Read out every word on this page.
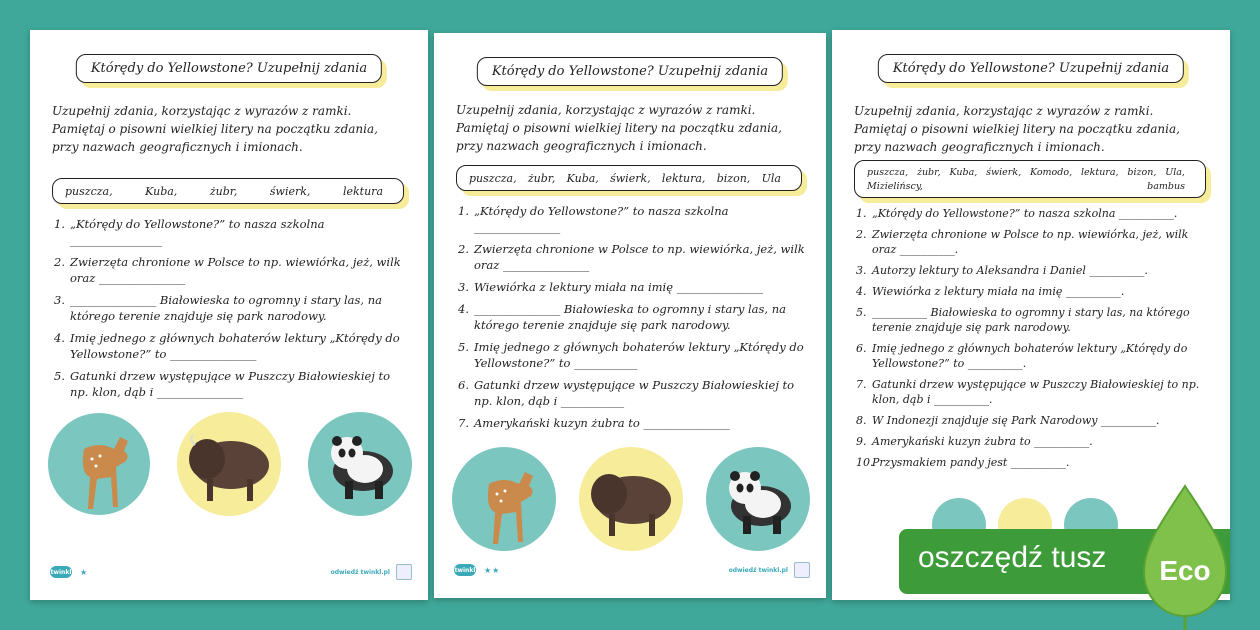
Którędy do Yellowstone? Uzupełnij zdania
Uzupełnij zdania, korzystając z wyrazów z ramki. Pamiętaj o pisowni wielkiej litery na początku zdania, przy nazwach geograficznych i imionach.
puszcza,	Kuba,	żubr,	świerk,	lektura
1. „Którędy do Yellowstone?” to nasza szkolna ________________
2. Zwierzęta chronione w Polsce to np. wiewiórka, jeż, wilk oraz _______________
3. _______________ Białowieska to ogromny i stary las, na którego terenie znajduje się park narodowy.
4. Imię jednego z głównych bohaterów lektury „Którędy do Yellowstone?” to _______________
5. Gatunki drzew występujące w Puszczy Białowieskiej to np. klon, dąb i _______________
twinkl ★	odwiedź twinkl.pl
Którędy do Yellowstone? Uzupełnij zdania
Uzupełnij zdania, korzystając z wyrazów z ramki. Pamiętaj o pisowni wielkiej litery na początku zdania, przy nazwach geograficznych i imionach.
puszcza, żubr, Kuba, świerk, lektura, bizon, Ula
1. „Którędy do Yellowstone?” to nasza szkolna _______________
2. Zwierzęta chronione w Polsce to np. wiewiórka, jeż, wilk oraz _______________
3. Wiewiórka z lektury miała na imię _______________
4. _______________ Białowieska to ogromny i stary las, na którego terenie znajduje się park narodowy.
5. Imię jednego z głównych bohaterów lektury „Którędy do Yellowstone?” to ___________
6. Gatunki drzew występujące w Puszczy Białowieskiej to np. klon, dąb i ___________
7. Amerykański kuzyn żubra to _______________
twinkl ★★	odwiedź twinkl.pl
Którędy do Yellowstone? Uzupełnij zdania
Uzupełnij zdania, korzystając z wyrazów z ramki. Pamiętaj o pisowni wielkiej litery na początku zdania, przy nazwach geograficznych i imionach.
puszcza, żubr, Kuba, świerk, Komodo, lektura, bizon, Ula,
Mizielińscy,	bambus
1. „Którędy do Yellowstone?” to nasza szkolna __________.
2. Zwierzęta chronione w Polsce to np. wiewiórka, jeż, wilk oraz __________.
3. Autorzy lektury to Aleksandra i Daniel __________.
4. Wiewiórka z lektury miała na imię __________.
5. __________ Białowieska to ogromny i stary las, na którego terenie znajduje się park narodowy.
6. Imię jednego z głównych bohaterów lektury „Którędy do Yellowstone?” to __________.
7. Gatunki drzew występujące w Puszczy Białowieskiej to np. klon, dąb i __________.
8. W Indonezji znajduje się Park Narodowy __________.
9. Amerykański kuzyn żubra to __________.
10.
Przysmakiem pandy jest __________.
oszczędź tusz Eco
